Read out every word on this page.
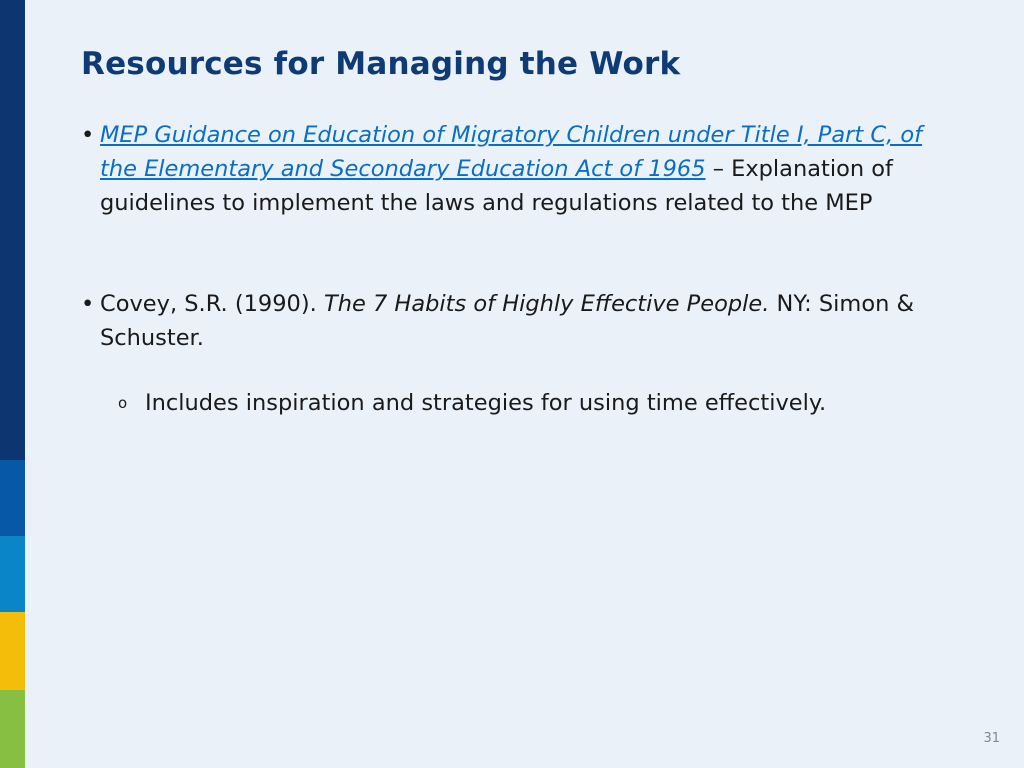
Resources for Managing the Work
• MEP Guidance on Education of Migratory Children under Title I, Part C, of the Elementary and Secondary Education Act of 1965 – Explanation of guidelines to implement the laws and regulations related to the MEP
• Covey, S.R. (1990). The 7 Habits of Highly Effective People. NY: Simon & Schuster.
o Includes inspiration and strategies for using time effectively.
31
